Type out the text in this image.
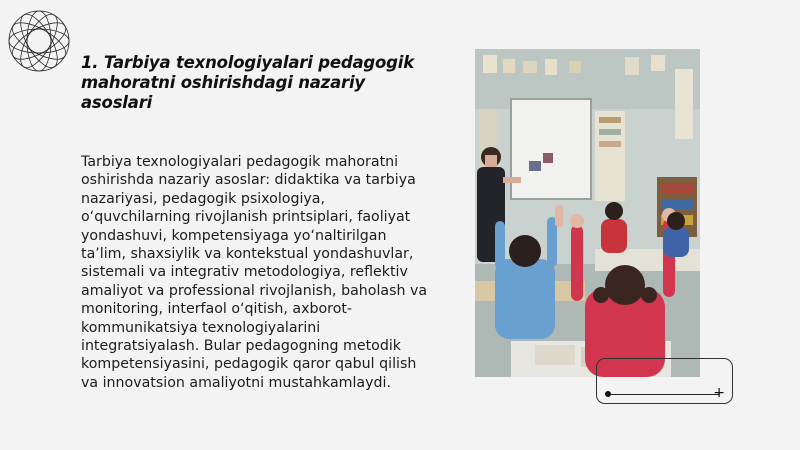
1. Tarbiya texnologiyalari pedagogik mahoratni oshirishdagi nazariy asoslari
Tarbiya texnologiyalari pedagogik mahoratni oshirishda nazariy asoslar: didaktika va tarbiya nazariyasi, pedagogik psixologiya, o‘quvchilarning rivojlanish printsiplari, faoliyat yondashuvi, kompetensiyaga yo‘naltirilgan ta’lim, shaxsiylik va kontekstual yondashuvlar, sistemali va integrativ metodologiya, reflektiv amaliyot va professional rivojlanish, baholash va monitoring, interfaol o‘qitish, axborot-kommunikatsiya texnologiyalarini integratsiyalash. Bular pedagogning metodik kompetensiyasini, pedagogik qaror qabul qilish va innovatsion amaliyotni mustahkamlaydi.
+
